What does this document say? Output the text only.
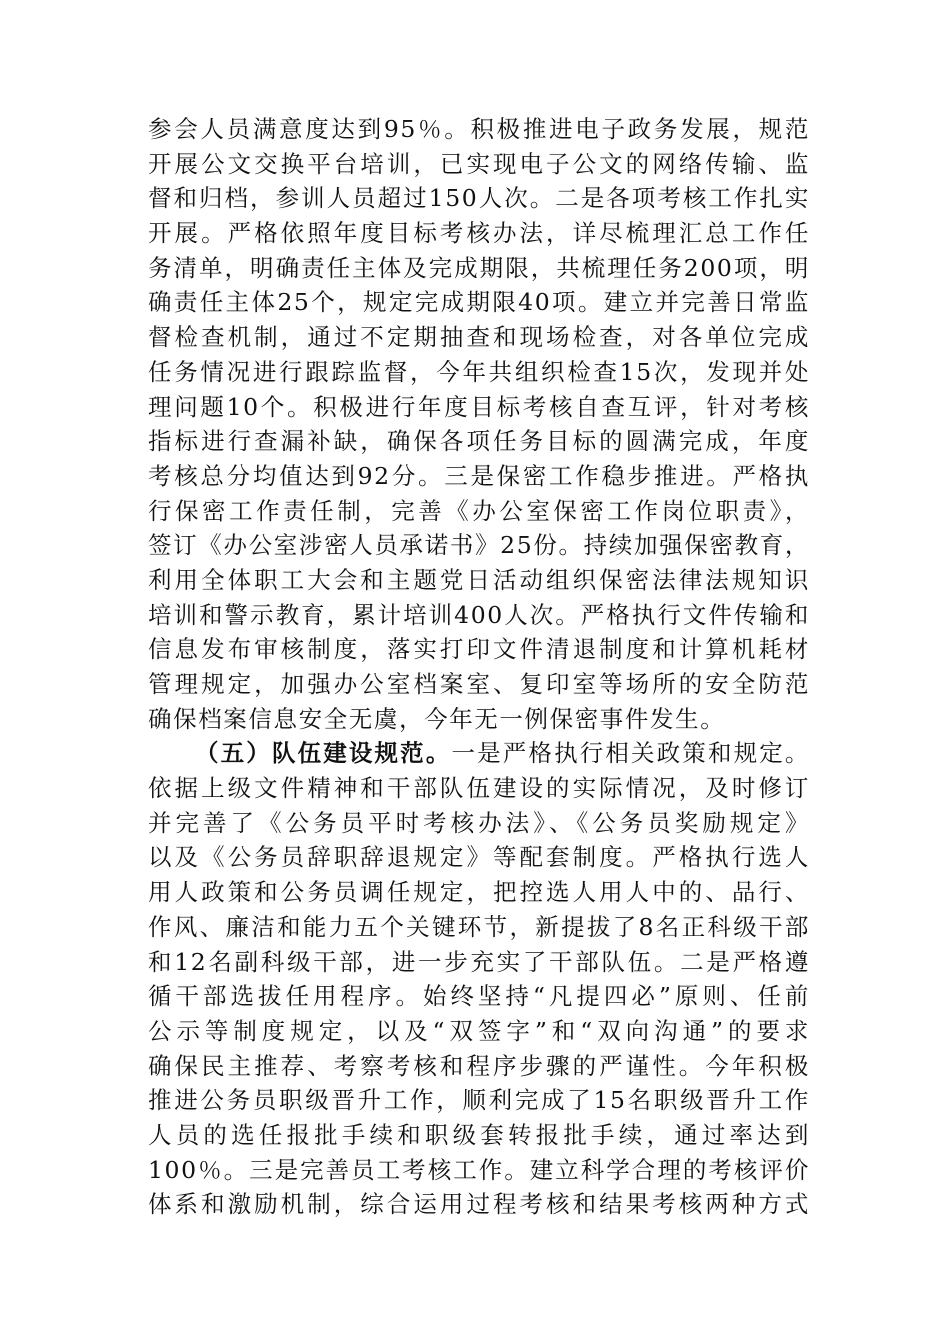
参会人员满意度达到95％。积极推进电子政务发展，规范
开展公文交换平台培训，已实现电子公文的网络传输、监
督和归档，参训人员超过150人次。二是各项考核工作扎实
开展。严格依照年度目标考核办法，详尽梳理汇总工作任
务清单，明确责任主体及完成期限，共梳理任务200项，明
确责任主体25个，规定完成期限40项。建立并完善日常监
督检查机制，通过不定期抽查和现场检查，对各单位完成
任务情况进行跟踪监督，今年共组织检查15次，发现并处
理问题10个。积极进行年度目标考核自查互评，针对考核
指标进行查漏补缺，确保各项任务目标的圆满完成，年度
考核总分均值达到92分。三是保密工作稳步推进。严格执
行保密工作责任制，完善《办公室保密工作岗位职责》，
签订《办公室涉密人员承诺书》25份。持续加强保密教育，
利用全体职工大会和主题党日活动组织保密法律法规知识
培训和警示教育，累计培训400人次。严格执行文件传输和
信息发布审核制度，落实打印文件清退制度和计算机耗材
管理规定，加强办公室档案室、复印室等场所的安全防范
确保档案信息安全无虞，今年无一例保密事件发生。
（五）队伍建设规范。一是严格执行相关政策和规定。
依据上级文件精神和干部队伍建设的实际情况，及时修订
并完善了《公务员平时考核办法》、《公务员奖励规定》
以及《公务员辞职辞退规定》等配套制度。严格执行选人
用人政策和公务员调任规定，把控选人用人中的、品行、
作风、廉洁和能力五个关键环节，新提拔了8名正科级干部
和12名副科级干部，进一步充实了干部队伍。二是严格遵
循干部选拔任用程序。始终坚持“凡提四必”原则、任前
公示等制度规定，以及“双签字”和“双向沟通”的要求
确保民主推荐、考察考核和程序步骤的严谨性。今年积极
推进公务员职级晋升工作，顺利完成了15名职级晋升工作
人员的选任报批手续和职级套转报批手续，通过率达到
100％。三是完善员工考核工作。建立科学合理的考核评价
体系和激励机制，综合运用过程考核和结果考核两种方式
